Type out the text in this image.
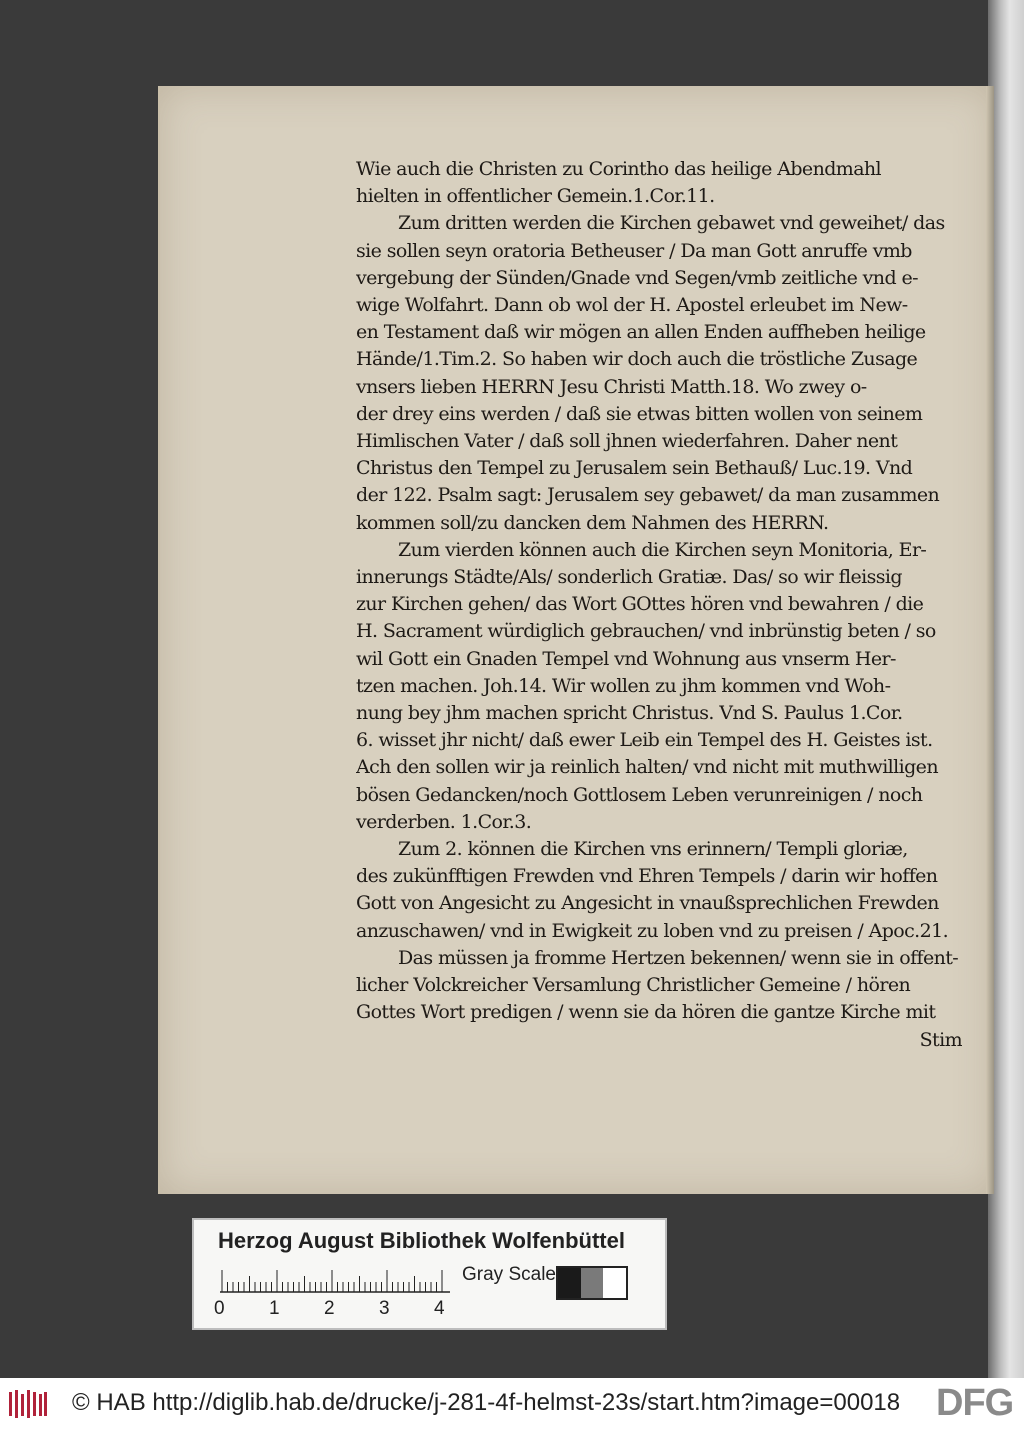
Wie auch die Christen zu Corintho das heilige Abendmahl
hielten in offentlicher Gemein.1.Cor.11.
Zum dritten werden die Kirchen gebawet vnd geweihet/ das
sie sollen seyn oratoria Betheuser / Da man Gott anruffe vmb
vergebung der Sünden/Gnade vnd Segen/vmb zeitliche vnd e-
wige Wolfahrt. Dann ob wol der H. Apostel erleubet im New-
en Testament daß wir mögen an allen Enden auffheben heilige
Hände/1.Tim.2. So haben wir doch auch die tröstliche Zusage
vnsers lieben HERRN Jesu Christi Matth.18. Wo zwey o-
der drey eins werden / daß sie etwas bitten wollen von seinem
Himlischen Vater / daß soll jhnen wiederfahren. Daher nent
Christus den Tempel zu Jerusalem sein Bethauß/ Luc.19. Vnd
der 122. Psalm sagt: Jerusalem sey gebawet/ da man zusammen
kommen soll/zu dancken dem Nahmen des HERRN.
Zum vierden können auch die Kirchen seyn Monitoria, Er-
innerungs Städte/Als/ sonderlich Gratiæ. Das/ so wir fleissig
zur Kirchen gehen/ das Wort GOttes hören vnd bewahren / die
H. Sacrament würdiglich gebrauchen/ vnd inbrünstig beten / so
wil Gott ein Gnaden Tempel vnd Wohnung aus vnserm Her-
tzen machen. Joh.14. Wir wollen zu jhm kommen vnd Woh-
nung bey jhm machen spricht Christus. Vnd S. Paulus 1.Cor.
6. wisset jhr nicht/ daß ewer Leib ein Tempel des H. Geistes ist.
Ach den sollen wir ja reinlich halten/ vnd nicht mit muthwilligen
bösen Gedancken/noch Gottlosem Leben verunreinigen / noch
verderben. 1.Cor.3.
Zum 2. können die Kirchen vns erinnern/ Templi gloriæ,
des zukünfftigen Frewden vnd Ehren Tempels / darin wir hoffen
Gott von Angesicht zu Angesicht in vnaußsprechlichen Frewden
anzuschawen/ vnd in Ewigkeit zu loben vnd zu preisen / Apoc.21.
Das müssen ja fromme Hertzen bekennen/ wenn sie in offent-
licher Volckreicher Versamlung Christlicher Gemeine / hören
Gottes Wort predigen / wenn sie da hören die gantze Kirche mit
Stim
Herzog August Bibliothek Wolfenbüttel
0 1 2 3 4
Gray Scale
© HAB http://diglib.hab.de/drucke/j-281-4f-helmst-23s/start.htm?image=00018 DFG
